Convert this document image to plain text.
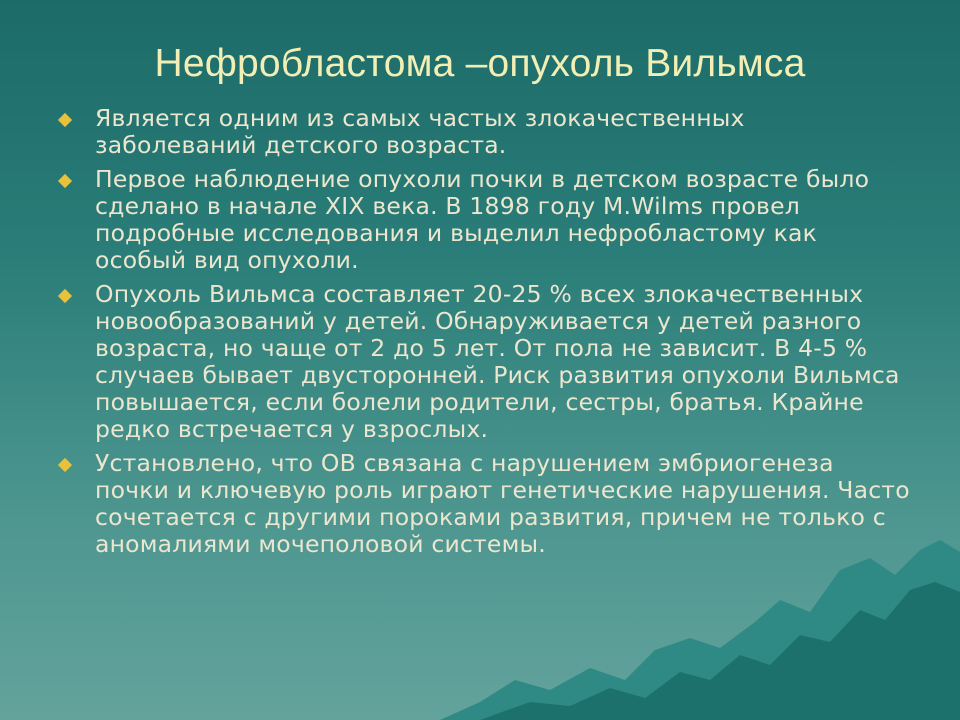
Нефробластома –опухоль Вильмса
Является одним из самых частых злокачественных заболеваний детского возраста.
Первое наблюдение опухоли почки в детском возрасте было сделано в начале XIX века. В 1898 году M.Wilms провел подробные исследования и выделил нефробластому как особый вид опухоли.
Опухоль Вильмса составляет 20-25 % всех злокачественных новообразований у детей. Обнаруживается у детей разного возраста, но чаще от 2 до 5 лет. От пола не зависит. В 4-5 % случаев бывает двусторонней. Риск развития опухоли Вильмса повышается, если болели родители, сестры, братья. Крайне редко встречается у взрослых.
Установлено, что ОВ связана с нарушением эмбриогенеза почки и ключевую роль играют генетические нарушения. Часто сочетается с другими пороками развития, причем не только с аномалиями мочеполовой системы.
